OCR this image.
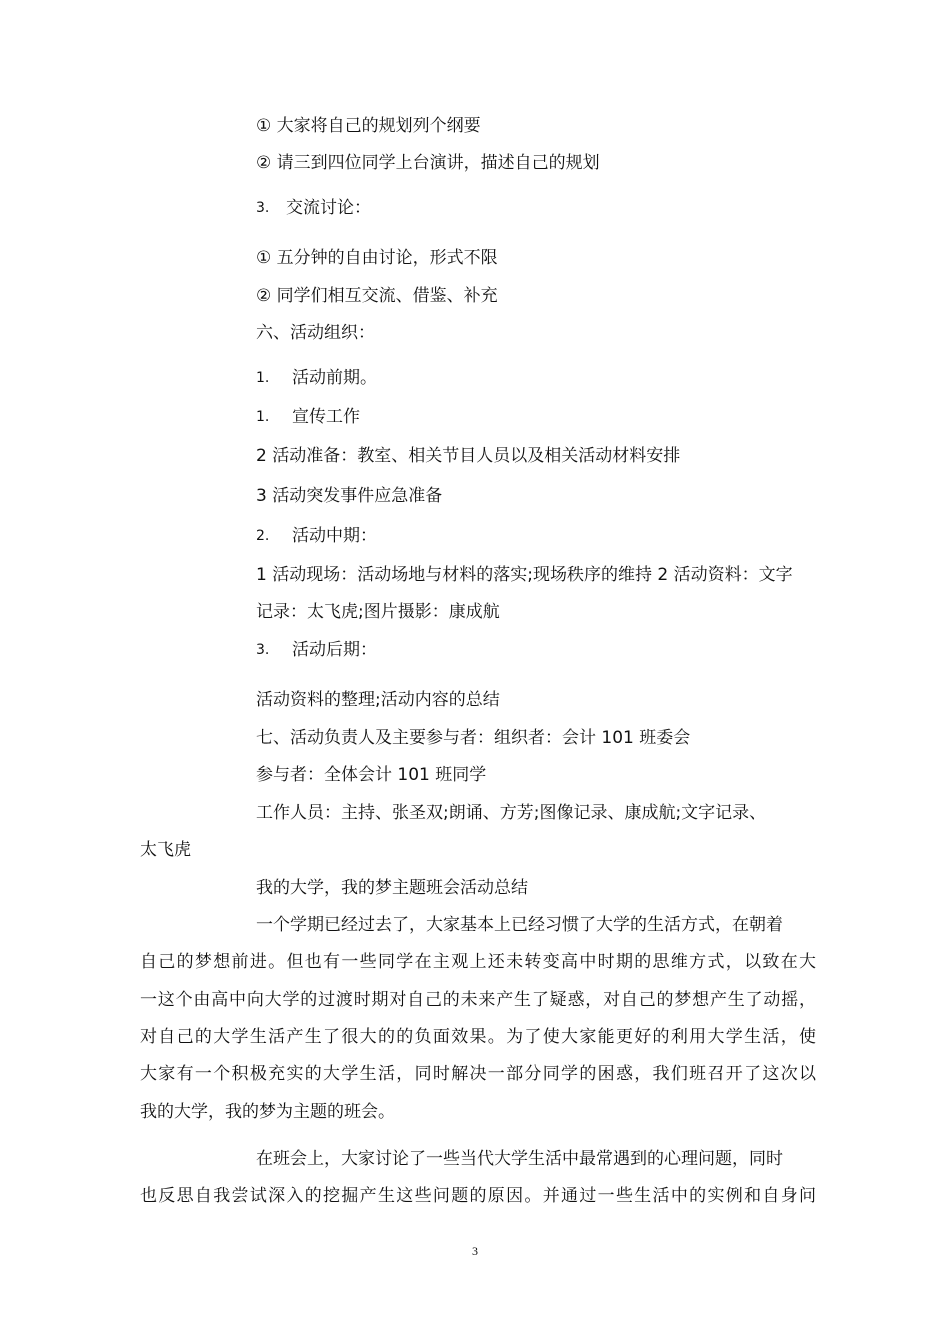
① 大家将自己的规划列个纲要
② 请三到四位同学上台演讲，描述自己的规划
3. 交流讨论：
① 五分钟的自由讨论，形式不限
② 同学们相互交流、借鉴、补充
六、活动组织：
1. 活动前期。
1. 宣传工作
2 活动准备：教室、相关节目人员以及相关活动材料安排
3 活动突发事件应急准备
2. 活动中期：
1 活动现场：活动场地与材料的落实;现场秩序的维持 2 活动资料：文字
记录：太飞虎;图片摄影：康成航
3. 活动后期：
活动资料的整理;活动内容的总结
七、活动负责人及主要参与者：组织者：会计 101 班委会
参与者：全体会计 101 班同学
工作人员：主持、张圣双;朗诵、方芳;图像记录、康成航;文字记录、
太飞虎
我的大学，我的梦主题班会活动总结
一个学期已经过去了，大家基本上已经习惯了大学的生活方式，在朝着
自己的梦想前进。但也有一些同学在主观上还未转变高中时期的思维方式，以致在大
一这个由高中向大学的过渡时期对自己的未来产生了疑惑，对自己的梦想产生了动摇，
对自己的大学生活产生了很大的的负面效果。为了使大家能更好的利用大学生活，使
大家有一个积极充实的大学生活，同时解决一部分同学的困惑，我们班召开了这次以
我的大学，我的梦为主题的班会。
在班会上，大家讨论了一些当代大学生活中最常遇到的心理问题，同时
也反思自我尝试深入的挖掘产生这些问题的原因。并通过一些生活中的实例和自身问
3
